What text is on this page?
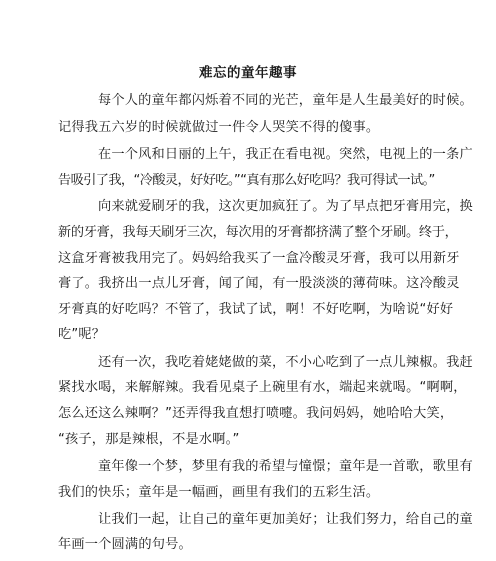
难忘的童年趣事
每个人的童年都闪烁着不同的光芒，童年是人生最美好的时候。
记得我五六岁的时候就做过一件令人哭笑不得的傻事。
在一个风和日丽的上午，我正在看电视。突然，电视上的一条广
告吸引了我，“冷酸灵，好好吃。”“真有那么好吃吗？我可得试一试。”
向来就爱刷牙的我，这次更加疯狂了。为了早点把牙膏用完，换
新的牙膏，我每天刷牙三次，每次用的牙膏都挤满了整个牙刷。终于，
这盒牙膏被我用完了。妈妈给我买了一盒冷酸灵牙膏，我可以用新牙
膏了。我挤出一点儿牙膏，闻了闻，有一股淡淡的薄荷味。这冷酸灵
牙膏真的好吃吗？不管了，我试了试，啊！不好吃啊，为啥说“好好
吃”呢？
还有一次，我吃着姥姥做的菜，不小心吃到了一点儿辣椒。我赶
紧找水喝，来解解辣。我看见桌子上碗里有水，端起来就喝。“啊啊，
怎么还这么辣啊？”还弄得我直想打喷嚏。我问妈妈，她哈哈大笑，
“孩子，那是辣根，不是水啊。”
童年像一个梦，梦里有我的希望与憧憬；童年是一首歌，歌里有
我们的快乐；童年是一幅画，画里有我们的五彩生活。
让我们一起，让自己的童年更加美好；让我们努力，给自己的童
年画一个圆满的句号。
